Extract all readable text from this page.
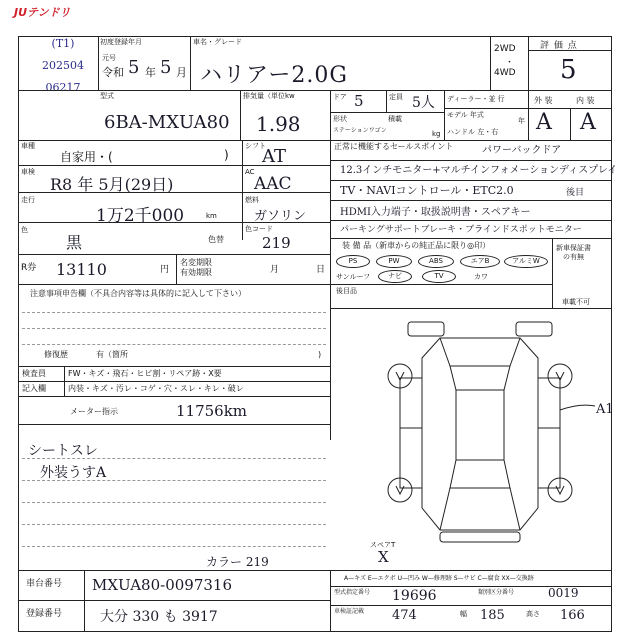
JUテンドリ
(T1)
202504
06217
初度登録年月
元号
令和 5 年 5 月
車名・グレード
ハリアー2.0G
2WD
・
4WD
評 価 点
5
型式
6BA-MXUA80
排気量（単位kw
1.98
ドア 5	定員 5人
形状
ステーションワゴン
積載
kg
ディーラー・並 行
モデル 年式
年
ハンドル 左・右
外 装	内 装
A A
車種
自家用・(	)
シフト
AT
車検
R8 年 5月(29日)
AC
AAC
走行
1万2千000	km
燃料
ガソリン
色
黒	色替
色コード
219
R券 13110	円
名変期限
有効期限	月	日
注意事項申告欄（不具合内容等は具体的に記入して下さい）
修復歴	有（箇所	)
検査員	FW・キズ・飛石・ヒビ割・リペア跡・X要
記入欄	内装・キズ・汚レ・コゲ・穴・スレ・キレ・破レ
メーター指示	11756km
シートスレ
外装うすA
正常に機能するセールスポイント	パワーバックドア
12.3インチモニター+マルチインフォメーションディスプレイ
TV・NAVIコントロール・ETC2.0	後目
HDMI入力端子・取扱説明書・スペアキー
パーキングサポートブレーキ・ブラインドスポットモニター
装 備 品（新車からの純正品に限り◎印）
PS	PW	ABS	エアB	アルミW
サンルーフ	ナビ	TV	カワ
後目品
新車保証書
の有無
車載不可
A1
スペアT
X
カラー 219
車台番号 MXUA80-0097316
登録番号	大分 330 も 3917
A—キズ E—エクボ U—凹み W—修理跡 S—サビ C—腐食 XX—交換跡
型式指定番号 19696	類別区分番号	0019
車検証記載 474	幅 185	高さ 166
